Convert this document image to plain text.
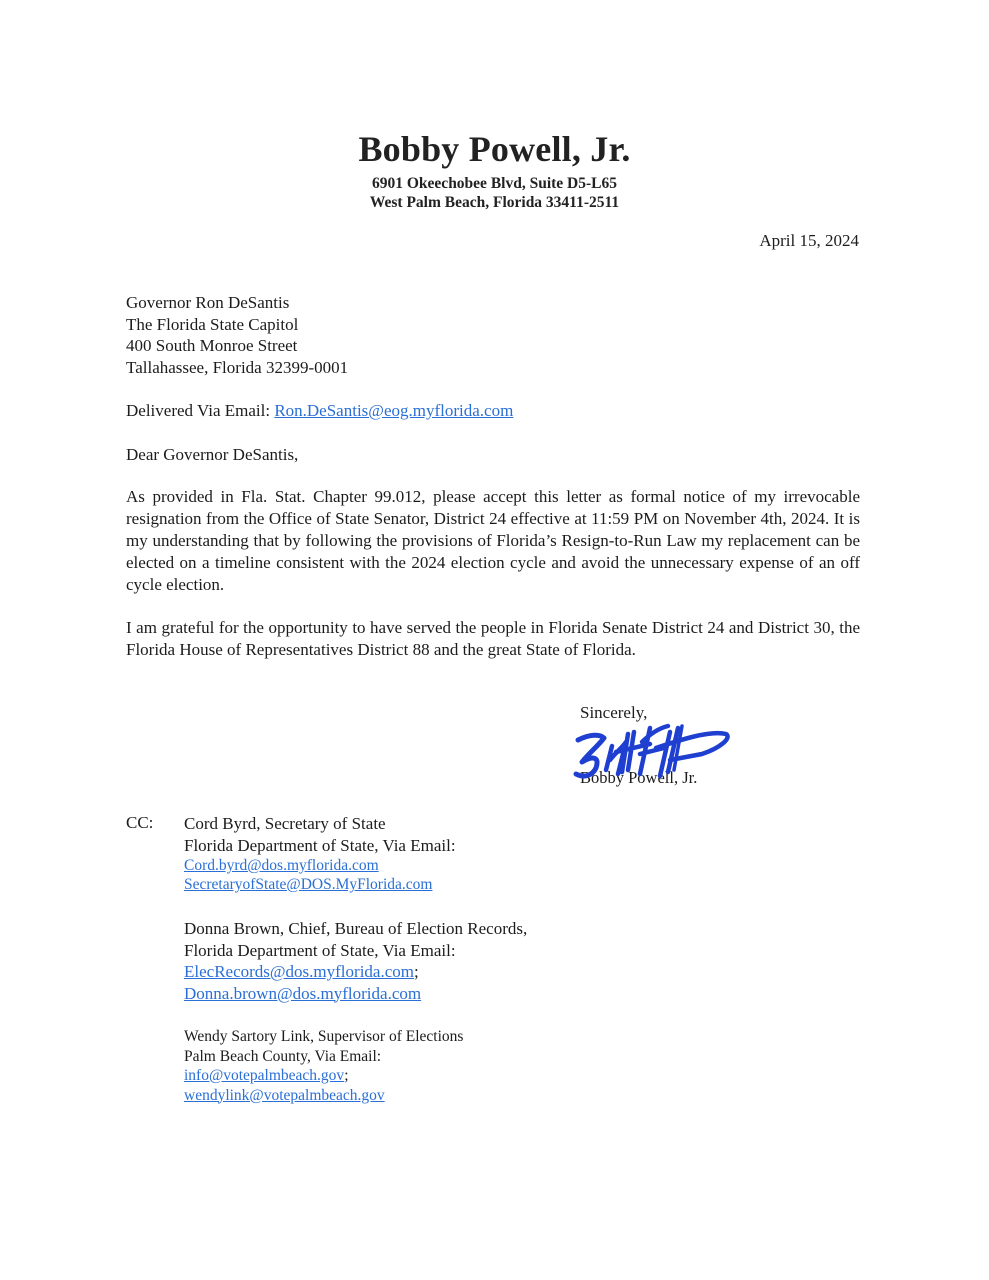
Bobby Powell, Jr.
6901 Okeechobee Blvd, Suite D5-L65
West Palm Beach, Florida 33411-2511
April 15, 2024
Governor Ron DeSantis
The Florida State Capitol
400 South Monroe Street
Tallahassee, Florida 32399-0001
Delivered Via Email: Ron.DeSantis@eog.myflorida.com
Dear Governor DeSantis,
As provided in Fla. Stat. Chapter 99.012, please accept this letter as formal notice of my irrevocable resignation from the Office of State Senator, District 24 effective at 11:59 PM on November 4th, 2024. It is my understanding that by following the provisions of Florida’s Resign-to-Run Law my replacement can be elected on a timeline consistent with the 2024 election cycle and avoid the unnecessary expense of an off cycle election.
I am grateful for the opportunity to have served the people in Florida Senate District 24 and District 30, the Florida House of Representatives District 88 and the great State of Florida.
Sincerely,
Bobby Powell, Jr.
CC: Cord Byrd, Secretary of State
Florida Department of State, Via Email:
Cord.byrd@dos.myflorida.com
SecretaryofState@DOS.MyFlorida.com
Donna Brown, Chief, Bureau of Election Records,
Florida Department of State, Via Email:
ElecRecords@dos.myflorida.com;
Donna.brown@dos.myflorida.com
Wendy Sartory Link, Supervisor of Elections
Palm Beach County, Via Email:
info@votepalmbeach.gov;
wendylink@votepalmbeach.gov
